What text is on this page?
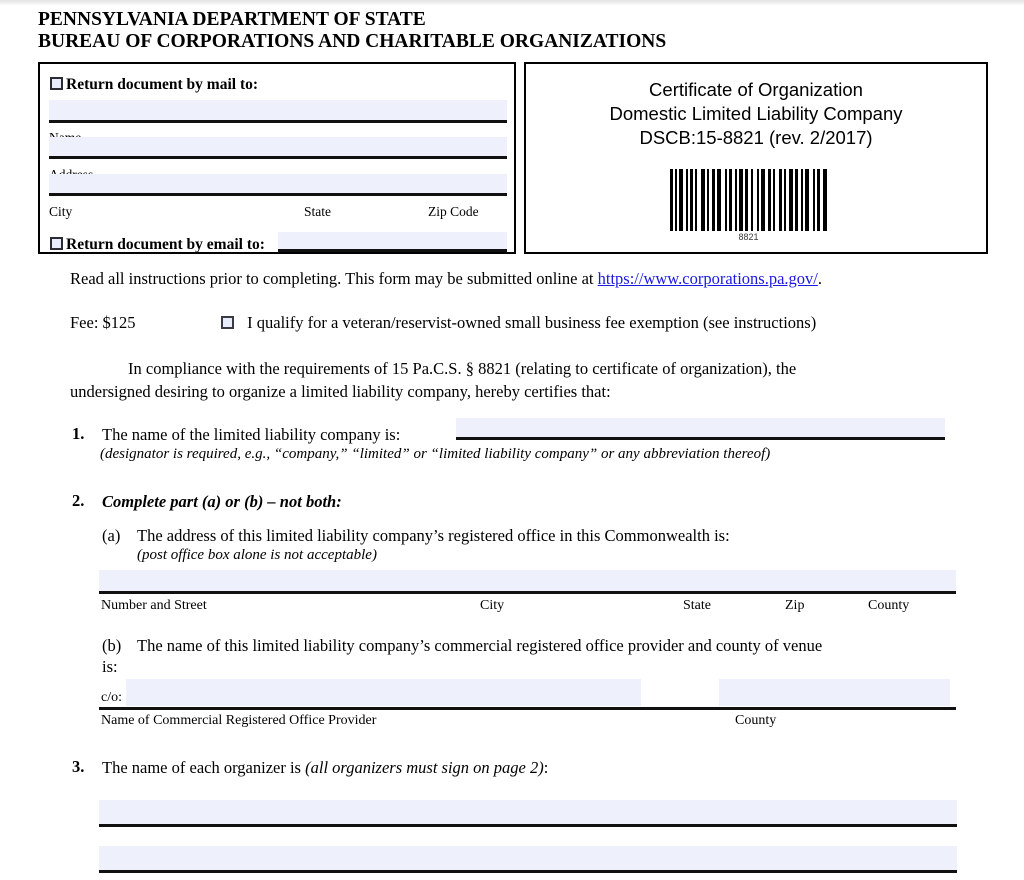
PENNSYLVANIA DEPARTMENT OF STATE
BUREAU OF CORPORATIONS AND CHARITABLE ORGANIZATIONS
Return document by mail to:
City	State	Zip Code
Return document by email to:
Certificate of Organization
Domestic Limited Liability Company
DSCB:15-8821 (rev. 2/2017)
8821
Read all instructions prior to completing. This form may be submitted online at https://www.corporations.pa.gov/.
Fee: $125	I qualify for a veteran/reservist-owned small business fee exemption (see instructions)
In compliance with the requirements of 15 Pa.C.S. § 8821 (relating to certificate of organization), the
undersigned desiring to organize a limited liability company, hereby certifies that:
1. The name of the limited liability company is:
(designator is required, e.g., “company,” “limited” or “limited liability company” or any abbreviation thereof)
2. Complete part (a) or (b) – not both:
(a) The address of this limited liability company’s registered office in this Commonwealth is:
(post office box alone is not acceptable)
Number and Street	City	State	Zip	County
(b) The name of this limited liability company’s commercial registered office provider and county of venue
is:
c/o:
Name of Commercial Registered Office Provider	County
3. The name of each organizer is (all organizers must sign on page 2):
